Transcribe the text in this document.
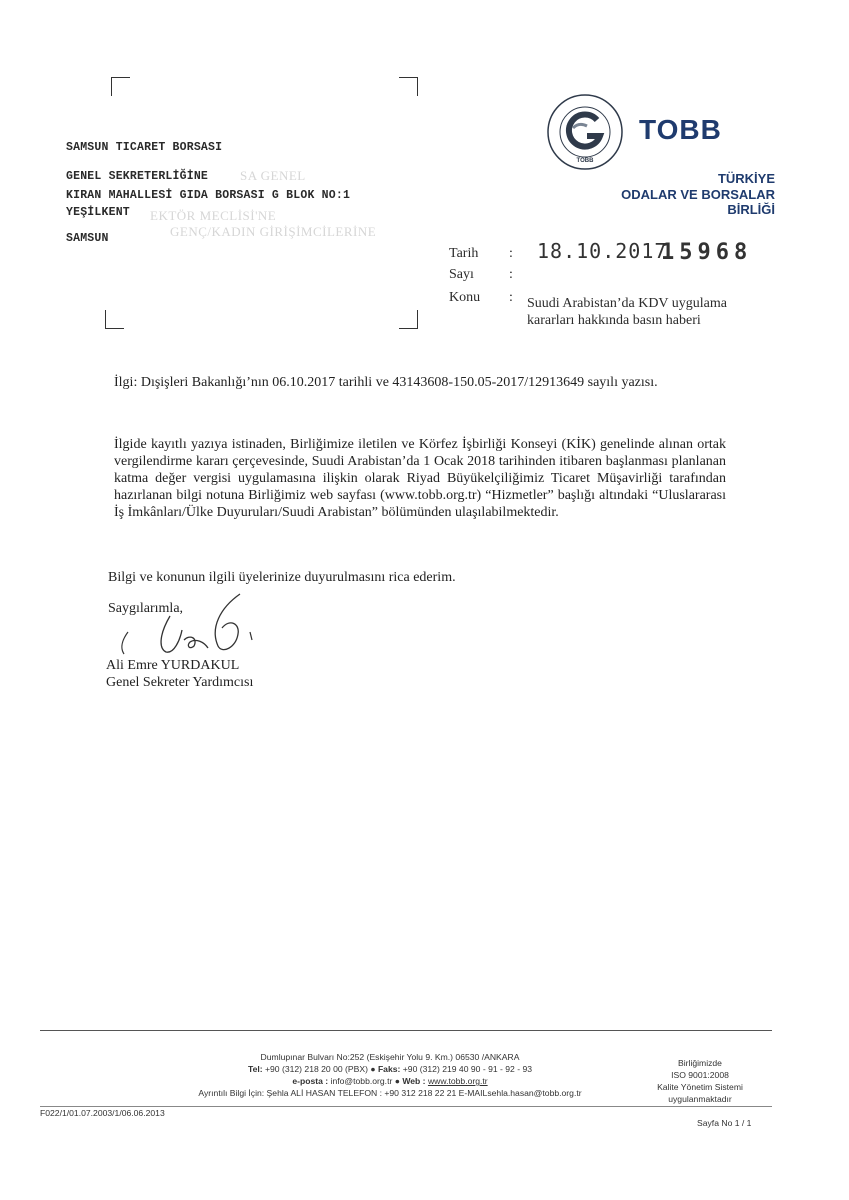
SA GENEL
EKTÖR MECLİSİ'NE
GENÇ/KADIN GİRİŞİMCİLERİNE
SAMSUN TICARET BORSASI
GENEL SEKRETERLİĞİNE
KIRAN MAHALLESİ GIDA BORSASI G BLOK NO:1
YEŞİLKENT
SAMSUN
TOBB
TOBB
TÜRKİYE
ODALAR VE BORSALAR
BİRLİĞİ
Tarih : 18.10.2017
15968
Sayı	:
Konu : Suudi Arabistan’da KDV uygulama
kararları hakkında basın haberi
İlgi: Dışişleri Bakanlığı’nın 06.10.2017 tarihli ve 43143608-150.05-2017/12913649 sayılı yazısı.
İlgide kayıtlı yazıya istinaden, Birliğimize iletilen ve Körfez İşbirliği Konseyi (KİK) genelinde alınan ortak vergilendirme kararı çerçevesinde, Suudi Arabistan’da 1 Ocak 2018 tarihinden itibaren başlanması planlanan katma değer vergisi uygulamasına ilişkin olarak Riyad Büyükelçiliğimiz Ticaret Müşavirliği tarafından hazırlanan bilgi notuna Birliğimiz web sayfası (www.tobb.org.tr) “Hizmetler” başlığı altındaki “Uluslararası İş İmkânları/Ülke Duyuruları/Suudi Arabistan” bölümünden ulaşılabilmektedir.
Bilgi ve konunun ilgili üyelerinize duyurulmasını rica ederim.
Saygılarımla,
Ali Emre YURDAKUL
Genel Sekreter Yardımcısı
Dumlupınar Bulvarı No:252 (Eskişehir Yolu 9. Km.) 06530 /ANKARA
Tel: +90 (312) 218 20 00 (PBX) ● Faks: +90 (312) 219 40 90 - 91 - 92 - 93
e-posta : info@tobb.org.tr ● Web : www.tobb.org.tr
Ayrıntılı Bilgi İçin: Şehla ALİ HASAN TELEFON : +90 312 218 22 21 E-MAILsehla.hasan@tobb.org.tr
Birliğimizde
ISO 9001:2008
Kalite Yönetim Sistemi
uygulanmaktadır
F022/1/01.07.2003/1/06.06.2013
Sayfa No 1 / 1
